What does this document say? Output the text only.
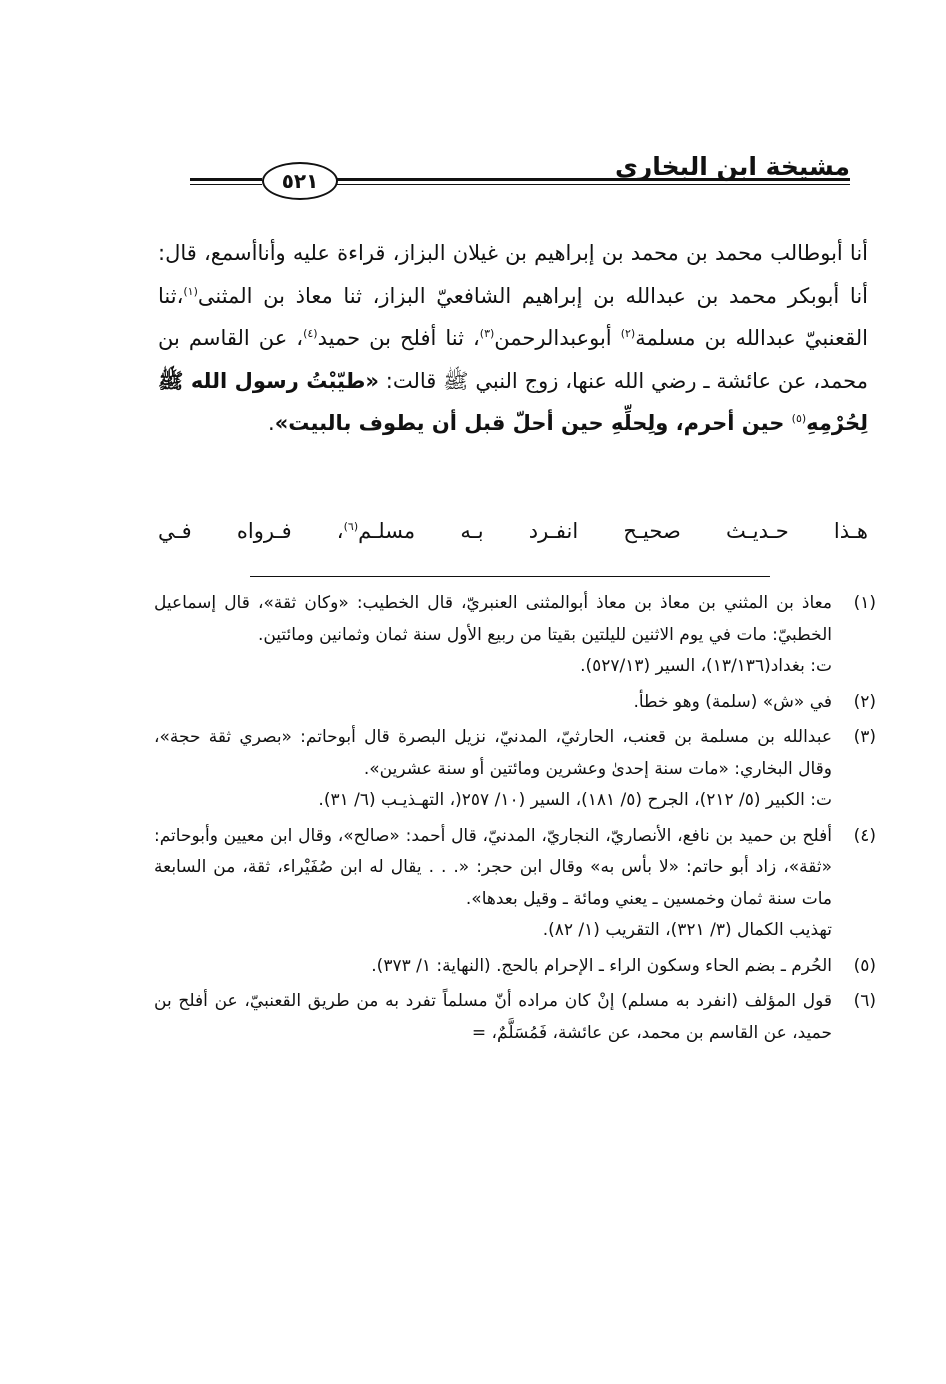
مشيخة ابن البخاري
٥٢١

أنا أبوطالب محمد بن محمد بن إبراهيم بن غيلان البزاز، قراءة عليه وأناأسمع، قال: أنا أبوبكر محمد بن عبدالله بن إبراهيم الشافعيّ البزاز، ثنا معاذ بن المثنى$^{(١)}$،ثنا القعنبيّ عبدالله بن مسلمة$^{(٢)}$ أبوعبدالرحمن$^{(٣)}$، ثنا أفلح بن حميد$^{(٤)}$، عن القاسم بن محمد، عن عائشة ـ رضي الله عنها، زوج النبي ﷺ قالت: «طيّبْتُ رسول الله ﷺ لِحُرْمِهِ$^{(٥)}$ حين أحرم، ولِحلِّهِ حين أحلّ قبل أن يطوف بالبيت».

هـذا حـديـث صحيـح انفـرد بـه مسلـم$^{(٦)}$، فـرواه فـي
(١)
معاذ بن المثني بن معاذ بن معاذ أبوالمثنى العنبريّ، قال الخطيب: «وكان ثقة»، قال إسماعيل الخطبيّ: مات في يوم الاثنين لليلتين بقيتا من ربيع الأول سنة ثمان وثمانين ومائتين.
ت: بغداد(١٣/١٣٦)، السير (٥٢٧/١٣).
(٢)
في «ش» (سلمة) وهو خطأ.
(٣)
عبدالله بن مسلمة بن قعنب، الحارثيّ، المدنيّ، نزيل البصرة قال أبوحاتم: «بصري ثقة حجة»، وقال البخاري: «مات سنة إحدىٰ وعشرين ومائتين أو سنة عشرين».
ت: الكبير (٥/ ٢١٢)، الجرح (٥/ ١٨١)، السير (١٠/ ٢٥٧(، التهـذيـب (٦/ ٣١).
(٤)
أفلح بن حميد بن نافع، الأنصاريّ، النجاريّ، المدنيّ، قال أحمد: «صالح»، وقال ابن معيين وأبوحاتم: «ثقة»، زاد أبو حاتم: «لا بأس به» وقال ابن حجر: «. . . يقال له ابن صُفَيْراء، ثقة، من السابعة مات سنة ثمان وخمسين ـ يعني ومائة ـ وقيل بعدها».
تهذيب الكمال (٣/ ٣٢١)، التقريب (١/ ٨٢).
(٥)
الحُرم ـ بضم الحاء وسكون الراء ـ الإحرام بالحج. (النهاية: ١/ ٣٧٣).
(٦)
قول المؤلف (انفرد به مسلم) إنْ كان مراده أنّ مسلماً تفرد به من طريق القعنبيّ، عن أفلح بن حميد، عن القاسم بن محمد، عن عائشة، فَمُسَلَّمٌ، =
